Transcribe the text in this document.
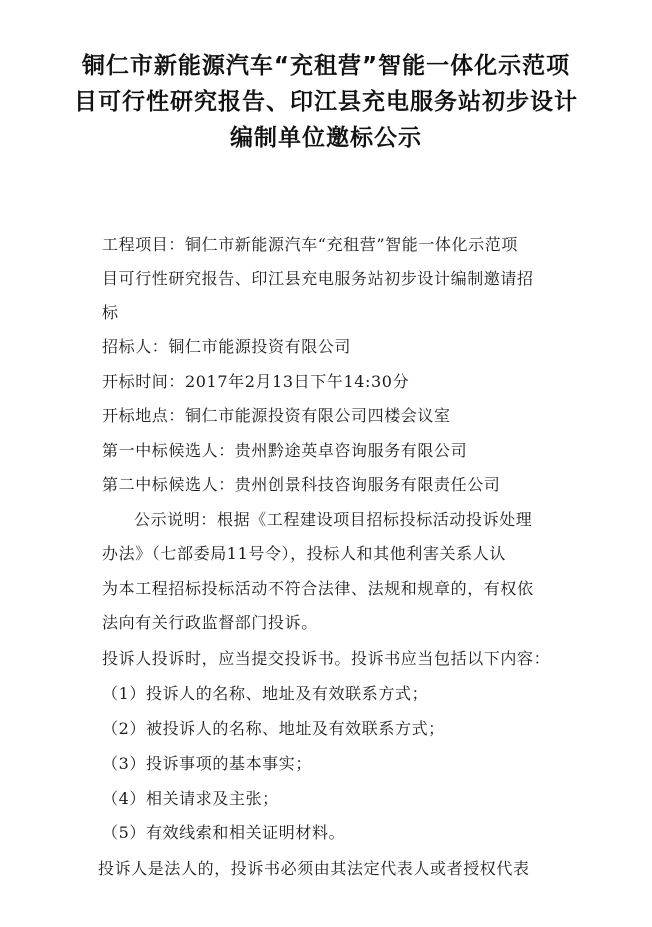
铜仁市新能源汽车“充租营”智能一体化示范项
目可行性研究报告、印江县充电服务站初步设计
编制单位邀标公示
工程项目：铜仁市新能源汽车“充租营”智能一体化示范项
目可行性研究报告、印江县充电服务站初步设计编制邀请招
标
招标人：铜仁市能源投资有限公司
开标时间：2017年2月13日下午14:30分
开标地点：铜仁市能源投资有限公司四楼会议室
第一中标候选人：贵州黔途英卓咨询服务有限公司
第二中标候选人：贵州创景科技咨询服务有限责任公司
公示说明：根据《工程建设项目招标投标活动投诉处理
办法》（七部委局11号令），投标人和其他利害关系人认
为本工程招标投标活动不符合法律、法规和规章的，有权依
法向有关行政监督部门投诉。
投诉人投诉时，应当提交投诉书。投诉书应当包括以下内容：
（1）投诉人的名称、地址及有效联系方式；
（2）被投诉人的名称、地址及有效联系方式；
（3）投诉事项的基本事实；
（4）相关请求及主张；
（5）有效线索和相关证明材料。
投诉人是法人的，投诉书必须由其法定代表人或者授权代表
